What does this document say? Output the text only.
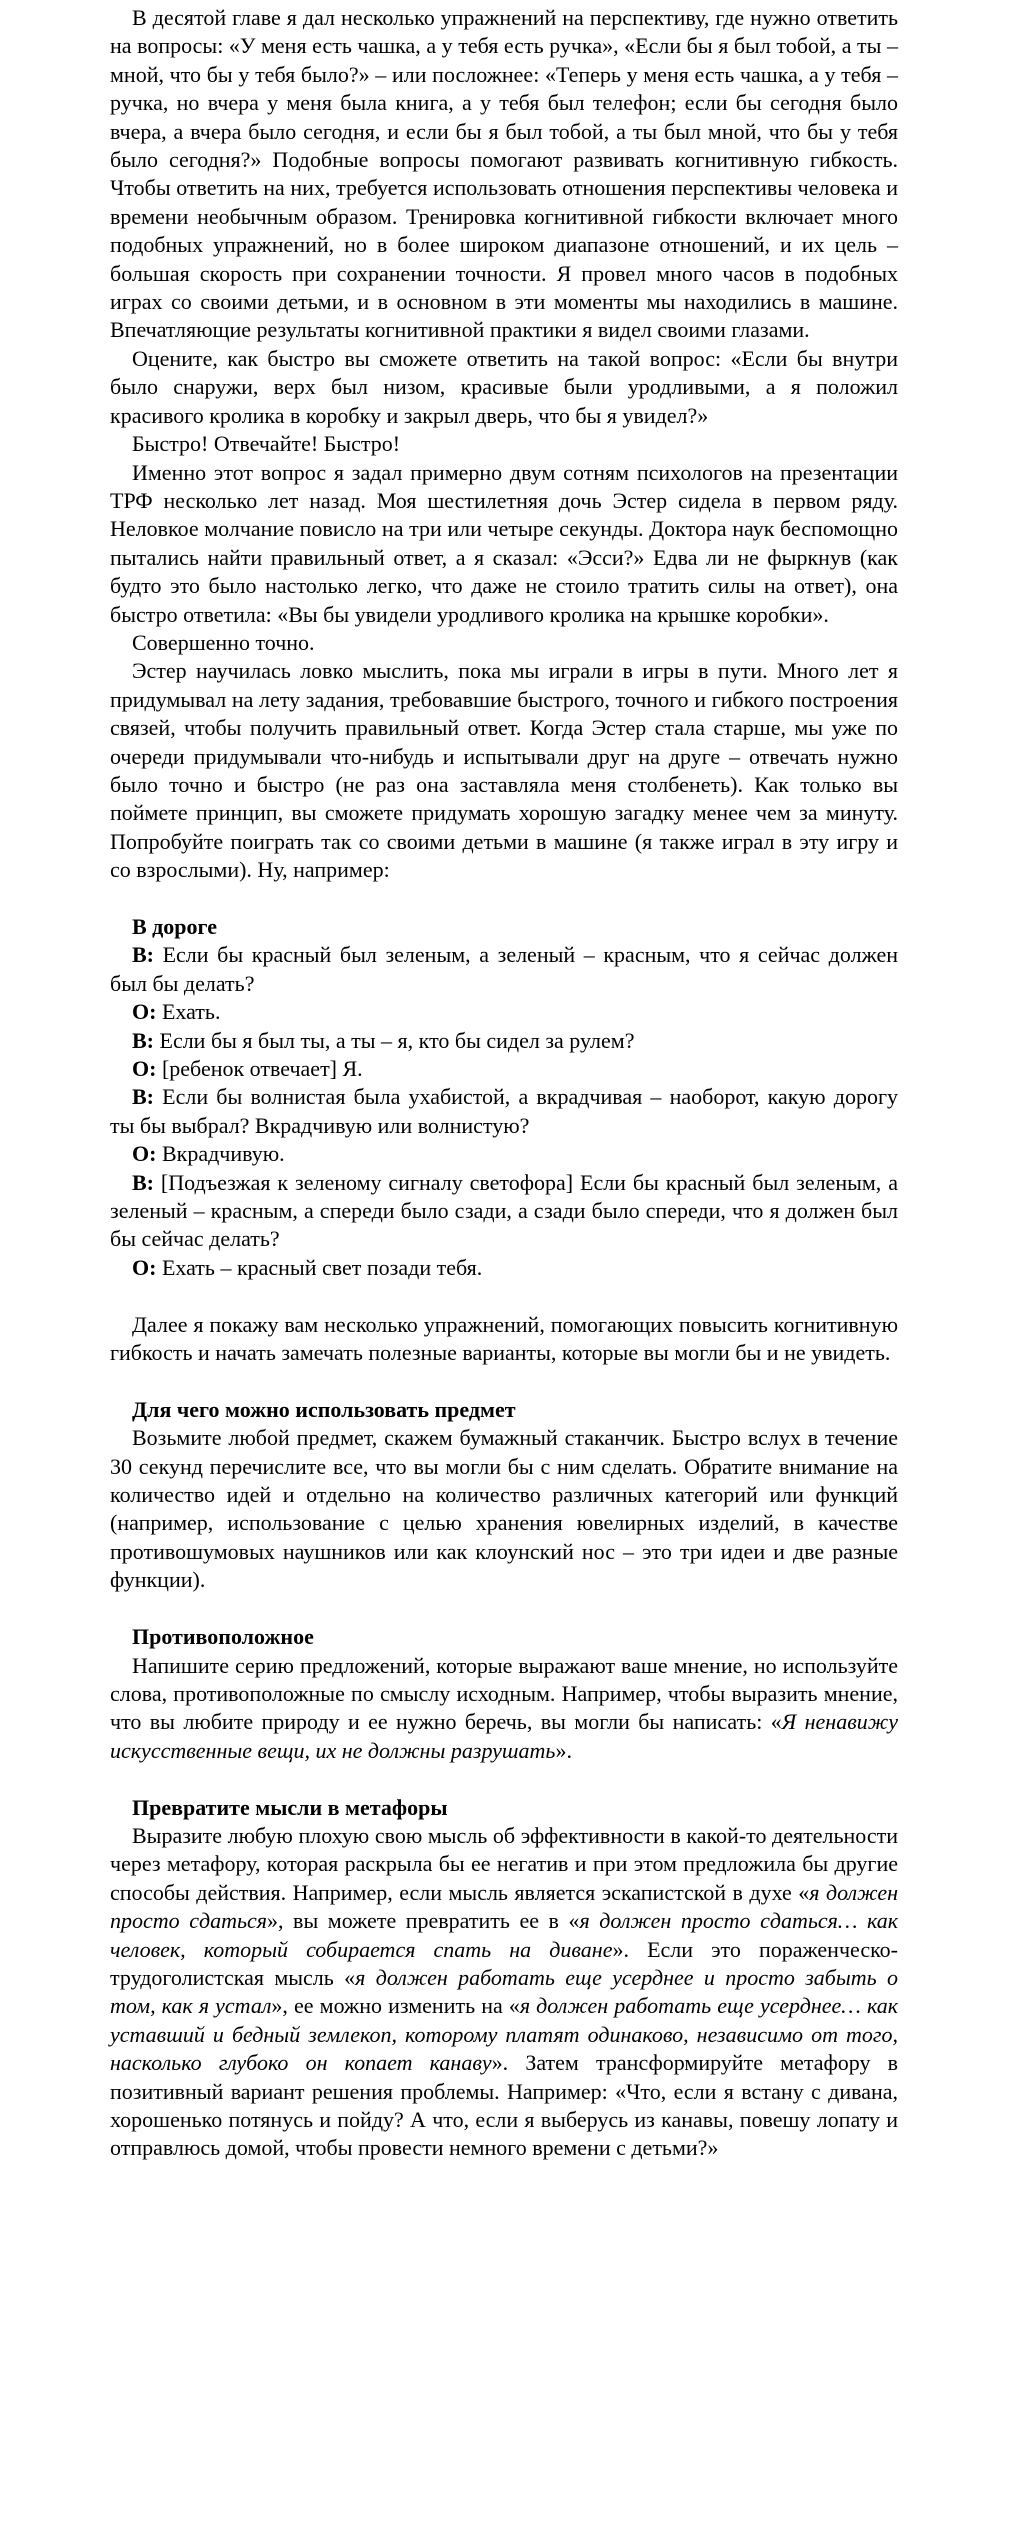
В десятой главе я дал несколько упражнений на перспективу, где нужно ответить на вопросы: «У меня есть чашка, а у тебя есть ручка», «Если бы я был тобой, а ты – мной, что бы у тебя было?» – или посложнее: «Теперь у меня есть чашка, а у тебя – ручка, но вчера у меня была книга, а у тебя был телефон; если бы сегодня было вчера, а вчера было сегодня, и если бы я был тобой, а ты был мной, что бы у тебя было сегодня?» Подобные вопросы помогают развивать когнитивную гибкость. Чтобы ответить на них, требуется использовать отношения перспективы человека и времени необычным образом. Тренировка когнитивной гибкости включает много подобных упражнений, но в более широком диапазоне отношений, и их цель – большая скорость при сохранении точности. Я провел много часов в подобных играх со своими детьми, и в основном в эти моменты мы находились в машине. Впечатляющие результаты когнитивной практики я видел своими глазами.

Оцените, как быстро вы сможете ответить на такой вопрос: «Если бы внутри было снаружи, верх был низом, красивые были уродливыми, а я положил красивого кролика в коробку и закрыл дверь, что бы я увидел?»

Быстро! Отвечайте! Быстро!

Именно этот вопрос я задал примерно двум сотням психологов на презентации ТРФ несколько лет назад. Моя шестилетняя дочь Эстер сидела в первом ряду. Неловкое молчание повисло на три или четыре секунды. Доктора наук беспомощно пытались найти правильный ответ, а я сказал: «Эсси?» Едва ли не фыркнув (как будто это было настолько легко, что даже не стоило тратить силы на ответ), она быстро ответила: «Вы бы увидели уродливого кролика на крышке коробки».

Совершенно точно.

Эстер научилась ловко мыслить, пока мы играли в игры в пути. Много лет я придумывал на лету задания, требовавшие быстрого, точного и гибкого построения связей, чтобы получить правильный ответ. Когда Эстер стала старше, мы уже по очереди придумывали что-нибудь и испытывали друг на друге – отвечать нужно было точно и быстро (не раз она заставляла меня столбенеть). Как только вы поймете принцип, вы сможете придумать хорошую загадку менее чем за минуту. Попробуйте поиграть так со своими детьми в машине (я также играл в эту игру и со взрослыми). Ну, например:

В дороге

В: Если бы красный был зеленым, а зеленый – красным, что я сейчас должен был бы делать?

О: Ехать.

В: Если бы я был ты, а ты – я, кто бы сидел за рулем?

О: [ребенок отвечает] Я.

В: Если бы волнистая была ухабистой, а вкрадчивая – наоборот, какую дорогу ты бы выбрал? Вкрадчивую или волнистую?

О: Вкрадчивую.

В: [Подъезжая к зеленому сигналу светофора] Если бы красный был зеленым, а зеленый – красным, а спереди было сзади, а сзади было спереди, что я должен был бы сейчас делать?

О: Ехать – красный свет позади тебя.

Далее я покажу вам несколько упражнений, помогающих повысить когнитивную гибкость и начать замечать полезные варианты, которые вы могли бы и не увидеть.

Для чего можно использовать предмет

Возьмите любой предмет, скажем бумажный стаканчик. Быстро вслух в течение 30 секунд перечислите все, что вы могли бы с ним сделать. Обратите внимание на количество идей и отдельно на количество различных категорий или функций (например, использование с целью хранения ювелирных изделий, в качестве противошумовых наушников или как клоунский нос – это три идеи и две разные функции).

Противоположное

Напишите серию предложений, которые выражают ваше мнение, но используйте слова, противоположные по смыслу исходным. Например, чтобы выразить мнение, что вы любите природу и ее нужно беречь, вы могли бы написать: «Я ненавижу искусственные вещи, их не должны разрушать».

Превратите мысли в метафоры

Выразите любую плохую свою мысль об эффективности в какой-то деятельности через метафору, которая раскрыла бы ее негатив и при этом предложила бы другие способы действия. Например, если мысль является эскапистской в духе «я должен просто сдаться», вы можете превратить ее в «я должен просто сдаться… как человек, который собирается спать на диване». Если это пораженческо-трудоголистская мысль «я должен работать еще усерднее и просто забыть о том, как я устал», ее можно изменить на «я должен работать еще усерднее… как уставший и бедный землекоп, которому платят одинаково, независимо от того, насколько глубоко он копает канаву». Затем трансформируйте метафору в позитивный вариант решения проблемы. Например: «Что, если я встану с дивана, хорошенько потянусь и пойду? А что, если я выберусь из канавы, повешу лопату и отправлюсь домой, чтобы провести немного времени с детьми?»
